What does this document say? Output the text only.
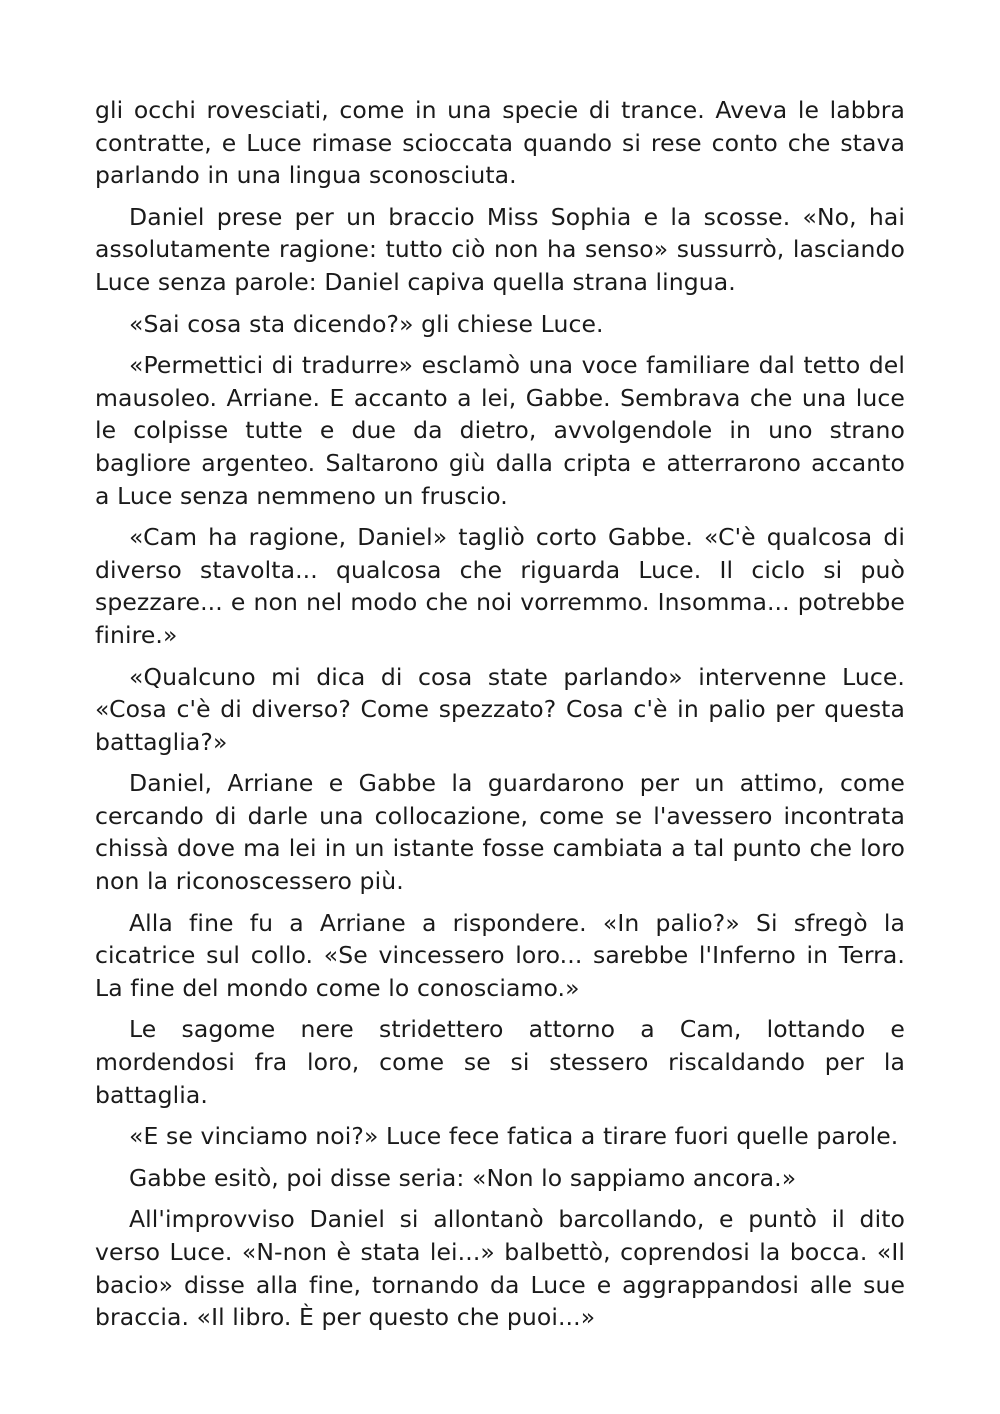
gli occhi rovesciati, come in una specie di trance. Aveva le labbra contratte, e Luce rimase scioccata quando si rese conto che stava parlando in una lingua sconosciuta.

Daniel prese per un braccio Miss Sophia e la scosse. «No, hai assolutamente ragione: tutto ciò non ha senso» sussurrò, lasciando Luce senza parole: Daniel capiva quella strana lingua.

«Sai cosa sta dicendo?» gli chiese Luce.

«Permettici di tradurre» esclamò una voce familiare dal tetto del mausoleo. Arriane. E accanto a lei, Gabbe. Sembrava che una luce le colpisse tutte e due da dietro, avvolgendole in uno strano bagliore argenteo. Saltarono giù dalla cripta e atterrarono accanto a Luce senza nemmeno un fruscio.

«Cam ha ragione, Daniel» tagliò corto Gabbe. «C'è qualcosa di diverso stavolta... qualcosa che riguarda Luce. Il ciclo si può spezzare... e non nel modo che noi vorremmo. Insomma... potrebbe finire.»

«Qualcuno mi dica di cosa state parlando» intervenne Luce. «Cosa c'è di diverso? Come spezzato? Cosa c'è in palio per questa battaglia?»

Daniel, Arriane e Gabbe la guardarono per un attimo, come cercando di darle una collocazione, come se l'avessero incontrata chissà dove ma lei in un istante fosse cambiata a tal punto che loro non la riconoscessero più.

Alla fine fu a Arriane a rispondere. «In palio?» Si sfregò la cicatrice sul collo. «Se vincessero loro... sarebbe l'Inferno in Terra. La fine del mondo come lo conosciamo.»

Le sagome nere stridettero attorno a Cam, lottando e mordendosi fra loro, come se si stessero riscaldando per la battaglia.

«E se vinciamo noi?» Luce fece fatica a tirare fuori quelle parole.

Gabbe esitò, poi disse seria: «Non lo sappiamo ancora.»

All'improvviso Daniel si allontanò barcollando, e puntò il dito verso Luce. «N-non è stata lei...» balbettò, coprendosi la bocca. «Il bacio» disse alla fine, tornando da Luce e aggrappandosi alle sue braccia. «Il libro. È per questo che puoi...»
